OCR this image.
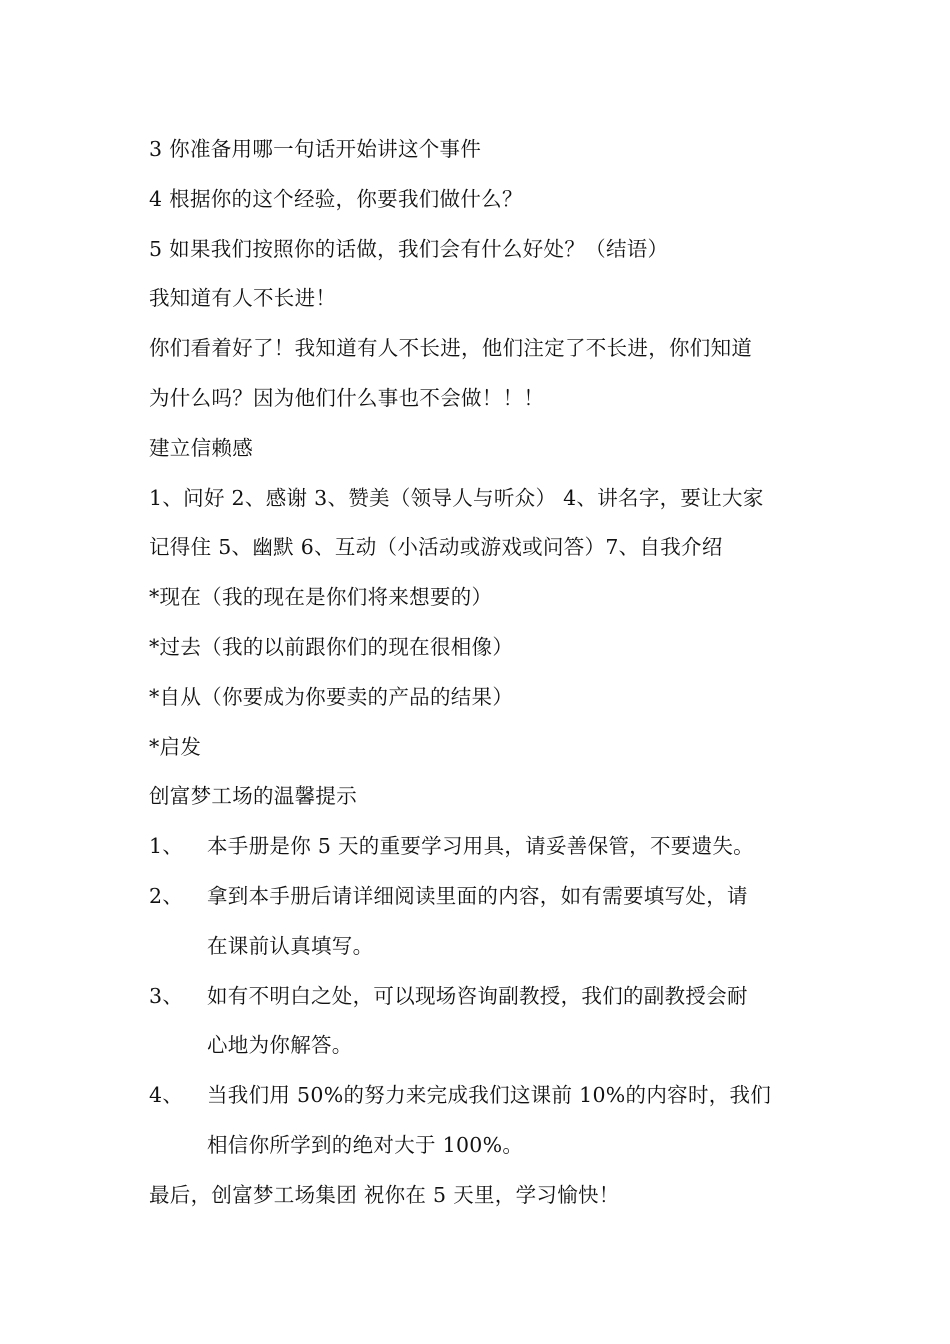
3 你准备用哪一句话开始讲这个事件
4 根据你的这个经验，你要我们做什么？
5 如果我们按照你的话做，我们会有什么好处？（结语）
我知道有人不长进！
你们看着好了！我知道有人不长进，他们注定了不长进，你们知道
为什么吗？因为他们什么事也不会做！！！
建立信赖感
1、问好 2、感谢 3、赞美（领导人与听众） 4、讲名字，要让大家
记得住 5、幽默 6、互动（小活动或游戏或问答）7、自我介绍
*现在（我的现在是你们将来想要的）
*过去（我的以前跟你们的现在很相像）
*自从（你要成为你要卖的产品的结果）
*启发
创富梦工场的温馨提示
1、	本手册是你 5 天的重要学习用具，请妥善保管，不要遗失。
2、	拿到本手册后请详细阅读里面的内容，如有需要填写处，请
在课前认真填写。
3、	如有不明白之处，可以现场咨询副教授，我们的副教授会耐
心地为你解答。
4、	当我们用 50%的努力来完成我们这课前 10%的内容时，我们
相信你所学到的绝对大于 100%。
最后，创富梦工场集团 祝你在 5 天里，学习愉快！
